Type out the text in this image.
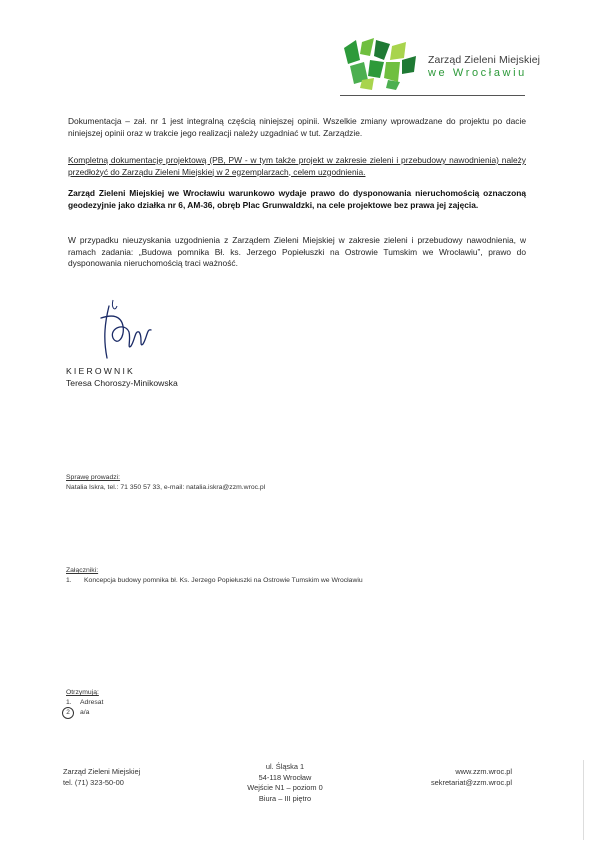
Zarząd Zieleni Miejskiej
we Wrocławiu
Dokumentacja – zał. nr 1 jest integralną częścią niniejszej opinii. Wszelkie zmiany wprowadzane do projektu po dacie niniejszej opinii oraz w trakcie jego realizacji należy uzgadniać w tut. Zarządzie.
Kompletną dokumentację projektową (PB, PW - w tym także projekt w zakresie zieleni i przebudowy nawodnienia) należy przedłożyć do Zarządu Zieleni Miejskiej w 2 egzemplarzach, celem uzgodnienia.
Zarząd Zieleni Miejskiej we Wrocławiu warunkowo wydaje prawo do dysponowania nieruchomością oznaczoną geodezyjnie jako działka nr 6, AM-36, obręb Plac Grunwaldzki, na cele projektowe bez prawa jej zajęcia.
W przypadku nieuzyskania uzgodnienia z Zarządem Zieleni Miejskiej w zakresie zieleni i przebudowy nawodnienia, w ramach zadania: „Budowa pomnika Bł. ks. Jerzego Popiełuszki na Ostrowie Tumskim we Wrocławiu”, prawo do dysponowania nieruchomością traci ważność.
KIEROWNIK
Teresa Choroszy-Minikowska
Sprawę prowadzi:
Natalia Iskra, tel.: 71 350 57 33, e-mail: natalia.iskra@zzm.wroc.pl
Załączniki:
1. Koncepcja budowy pomnika bł. Ks. Jerzego Popiełuszki na Ostrowie Tumskim we Wrocławiu
Otrzymują:
1. Adresat
2	a/a
Zarząd Zieleni Miejskiej
tel. (71) 323-50-00
ul. Śląska 1
54-118 Wrocław
Wejście N1 – poziom 0
Biura – III piętro
www.zzm.wroc.pl
sekretariat@zzm.wroc.pl
